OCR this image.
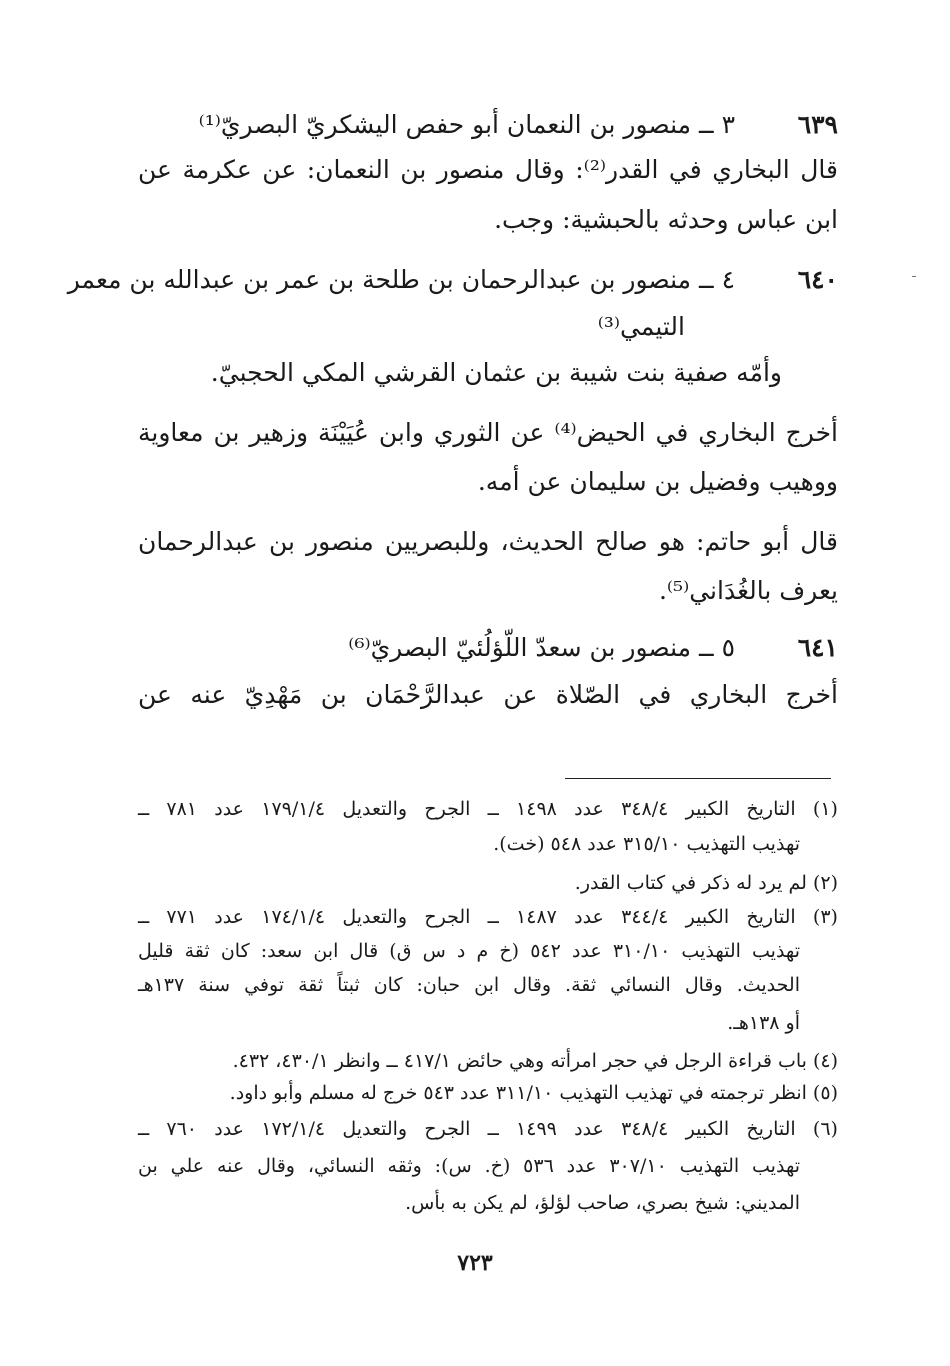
٦٣٩
٣ ــ منصور بن النعمان أبو حفص اليشكريّ البصريّ⁽¹⁾
قال البخاري في القدر⁽²⁾: وقال منصور بن النعمان: عن عكرمة عن
ابن عباس وحدثه بالحبشية: وجب.
٦٤٠
٤ ــ منصور بن عبدالرحمان بن طلحة بن عمر بن عبدالله بن معمر
التيمي⁽³⁾
وأمّه صفية بنت شيبة بن عثمان القرشي المكي الحجبيّ.
أخرج البخاري في الحيض⁽⁴⁾ عن الثوري وابن عُيَيْنَة وزهير بن معاوية
ووهيب وفضيل بن سليمان عن أمه.
قال أبو حاتم: هو صالح الحديث، وللبصريين منصور بن عبدالرحمان
يعرف بالغُدَاني⁽⁵⁾.
٦٤١
٥ ــ منصور بن سعدّ اللّؤلُئيّ البصريّ⁽⁶⁾
أخرج البخاري في الصّلاة عن عبدالرَّحْمَان بن مَهْدِيّ عنه عن
(١) التاريخ الكبير ٣٤٨/٤ عدد ١٤٩٨ ــ الجرح والتعديل ١٧٩/١/٤ عدد ٧٨١ ــ
تهذيب التهذيب ٣١٥/١٠ عدد ٥٤٨ (خت).
(٢) لم يرد له ذكر في كتاب القدر.
(٣) التاريخ الكبير ٣٤٤/٤ عدد ١٤٨٧ ــ الجرح والتعديل ١٧٤/١/٤ عدد ٧٧١ ــ
تهذيب التهذيب ٣١٠/١٠ عدد ٥٤٢ (خ م د س ق) قال ابن سعد: كان ثقة قليل
الحديث. وقال النسائي ثقة. وقال ابن حبان: كان ثبتاً ثقة توفي سنة ١٣٧هـ
أو ١٣٨هـ.
(٤) باب قراءة الرجل في حجر امرأته وهي حائض ٤١٧/١ ــ وانظر ٤٣٠/١، ٤٣٢.
(٥) انظر ترجمته في تهذيب التهذيب ٣١١/١٠ عدد ٥٤٣ خرج له مسلم وأبو داود.
(٦) التاريخ الكبير ٣٤٨/٤ عدد ١٤٩٩ ــ الجرح والتعديل ١٧٢/١/٤ عدد ٧٦٠ ــ
تهذيب التهذيب ٣٠٧/١٠ عدد ٥٣٦ (خ. س): وثقه النسائي، وقال عنه علي بن
المديني: شيخ بصري، صاحب لؤلؤ، لم يكن به بأس.
٧٢٣
